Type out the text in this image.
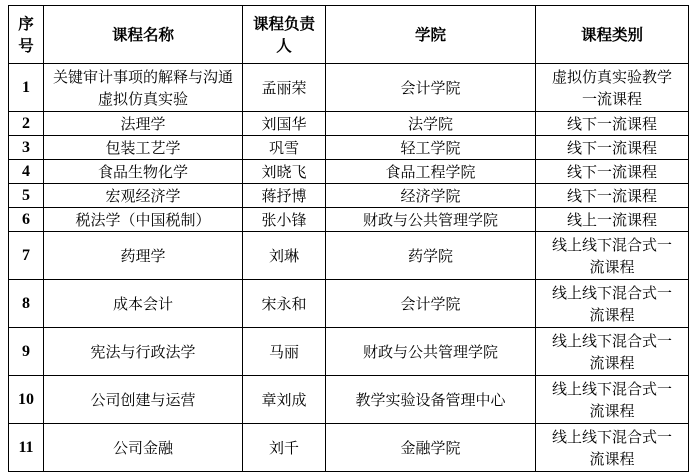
序号	课程名称	课程负责人	学院	课程类别
1	关键审计事项的解释与沟通虚拟仿真实验	孟丽荣	会计学院	虚拟仿真实验教学一流课程
2	法理学	刘国华	法学院	线下一流课程
3	包装工艺学	巩雪	轻工学院	线下一流课程
4	食品生物化学	刘晓飞	食品工程学院	线下一流课程
5	宏观经济学	蒋抒博	经济学院	线下一流课程
6	税法学（中国税制）	张小锋	财政与公共管理学院	线上一流课程
7	药理学	刘琳	药学院	线上线下混合式一流课程
8	成本会计	宋永和	会计学院	线上线下混合式一流课程
9	宪法与行政法学	马丽	财政与公共管理学院	线上线下混合式一流课程
10	公司创建与运营	章刘成	教学实验设备管理中心	线上线下混合式一流课程
11	公司金融	刘千	金融学院	线上线下混合式一流课程
